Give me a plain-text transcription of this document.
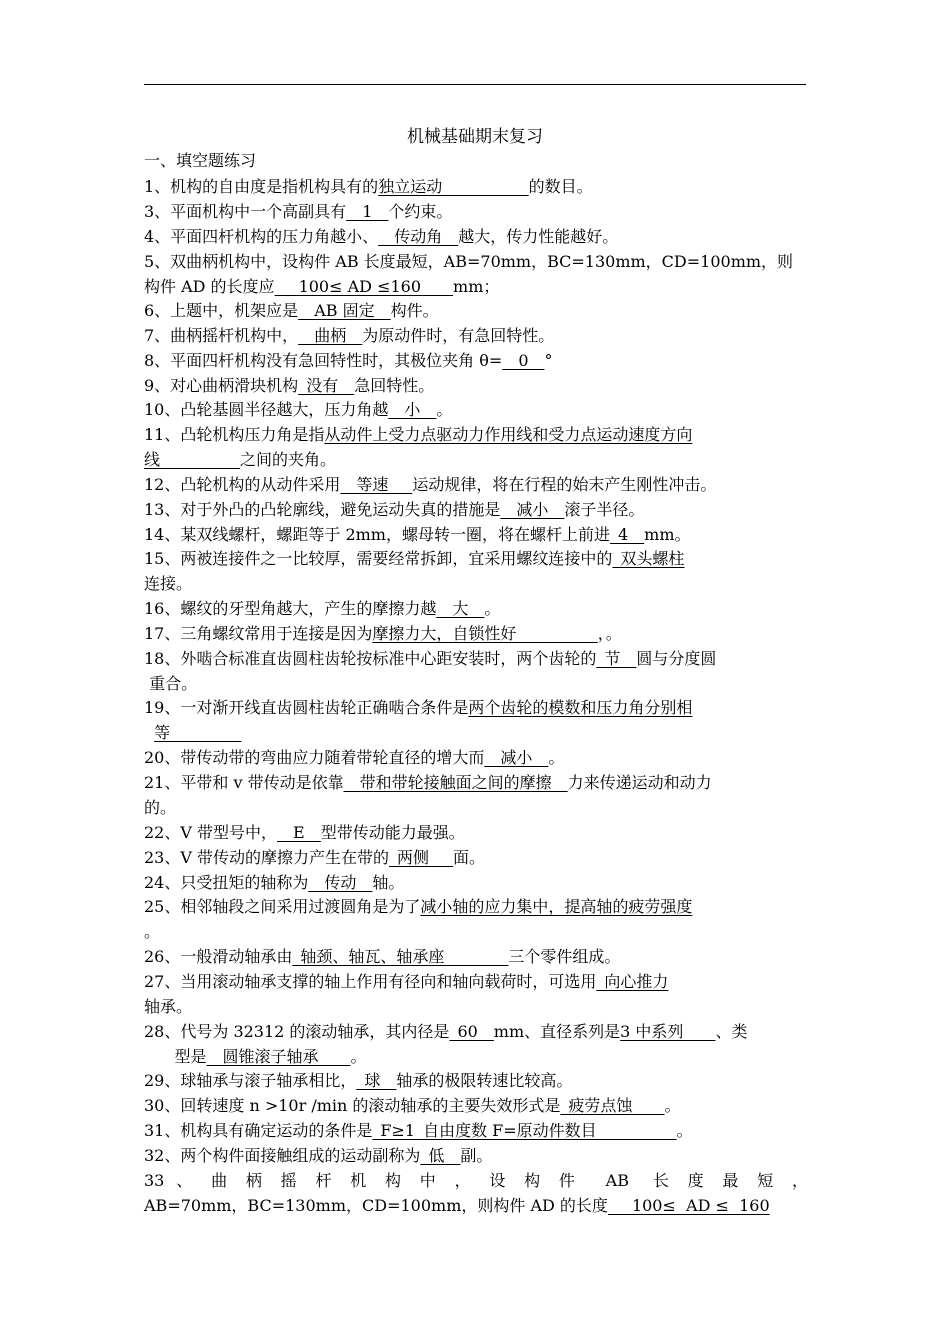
机械基础期末复习
一、填空题练习
1、机构的自由度是指机构具有的独立运动                 的数目。
3、平面机构中一个高副具有__1__个约束。
4、平面四杆机构的压力角越小、__传动角__越大，传力性能越好。
5、双曲柄机构中，设构件 AB 长度最短，AB=70mm，BC=130mm，CD=100mm，则
构件 AD 的长度应___100≤ AD ≤160____mm；
6、上题中，机架应是__AB 固定__构件。
7、曲柄摇杆机构中，__曲柄__为原动件时，有急回特性。
8、平面四杆机构没有急回特性时，其极位夹角 θ=__0__°
9、对心曲柄滑块机构_没有__急回特性。
10、凸轮基圆半径越大，压力角越__小__。
11、凸轮机构压力角是指从动件上受力点驱动力作用线和受力点运动速度方向
线__________之间的夹角。
12、凸轮机构的从动件采用__等速___运动规律，将在行程的始末产生刚性冲击。
13、对于外凸的凸轮廓线，避免运动失真的措施是__减小__滚子半径。
14、某双线螺杆，螺距等于 2mm，螺母转一圈，将在螺杆上前进_4__mm。
15、两被连接件之一比较厚，需要经常拆卸，宜采用螺纹连接中的_双头螺柱
连接。
16、螺纹的牙型角越大，产生的摩擦力越__大__。
17、三角螺纹常用于连接是因为摩擦力大，自锁性好                ，。
18、外啮合标准直齿圆柱齿轮按标准中心距安装时，两个齿轮的_节__圆与分度圆
重合。
19、一对渐开线直齿圆柱齿轮正确啮合条件是两个齿轮的模数和压力角分别相
等
20、带传动带的弯曲应力随着带轮直径的增大而__减小__。
21、平带和 v 带传动是依靠__带和带轮接触面之间的摩擦__力来传递运动和动力
的。
22、V 带型号中，__E__型带传动能力最强。
23、V 带传动的摩擦力产生在带的_两侧___面。
24、只受扭矩的轴称为__传动__轴。
25、相邻轴段之间采用过渡圆角是为了减小轴的应力集中，提高轴的疲劳强度
。
26、一般滑动轴承由_轴颈、轴瓦、轴承座________三个零件组成。
27、当用滚动轴承支撑的轴上作用有径向和轴向载荷时，可选用_向心推力
轴承。
28、代号为 32312 的滚动轴承，其内径是_60__mm、直径系列是3 中系列____、类
型是__圆锥滚子轴承____。
29、球轴承与滚子轴承相比，_球__轴承的极限转速比较高。
30、回转速度 n >10r /min 的滚动轴承的主要失效形式是_疲劳点蚀____。
31、机构具有确定运动的条件是_F≥1_自由度数 F=原动件数目__________。
32、两个构件面接触组成的运动副称为_低__副。
33 、 曲 柄 摇 杆 机 构 中 ， 设 构 件  AB  长 度 最 短 ，
AB=70mm，BC=130mm，CD=100mm，则构件 AD 的长度___100≤  AD ≤  160
